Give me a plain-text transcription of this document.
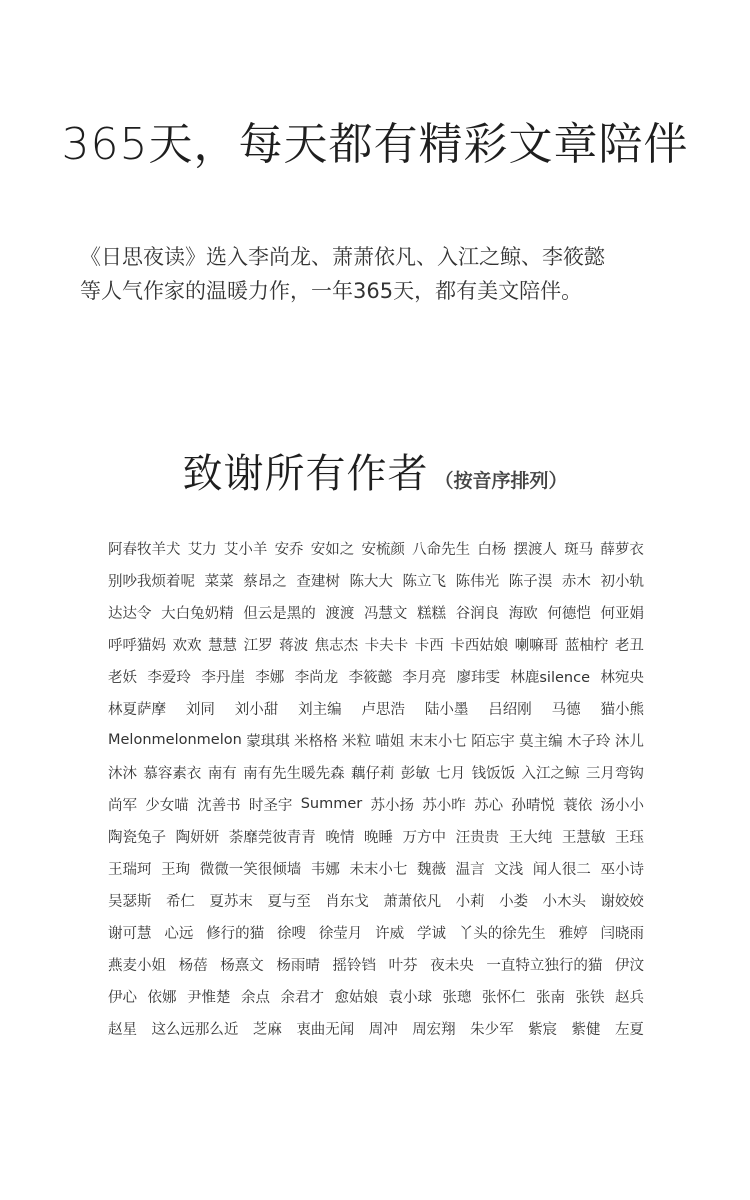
365天，每天都有精彩文章陪伴

《日思夜读》选入李尚龙、萧萧依凡、入江之鲸、李筱懿

等人气作家的温暖力作，一年365天，都有美文陪伴。

致谢所有作者 （按音序排列）
阿春牧羊犬 艾力 艾小羊 安乔 安如之 安梳颜 八命先生 白杨 摆渡人 斑马 薛萝衣
别吵我烦着呢 菜菜 蔡昂之 查建树 陈大大 陈立飞 陈伟光 陈子淏 赤木 初小轨
达达令 大白兔奶精 但云是黑的 渡渡 冯慧文 糕糕 谷润良 海欧 何德恺 何亚娟
呼呼猫妈 欢欢 慧慧 江罗 蒋波 焦志杰 卡夫卡 卡西 卡西姑娘 喇嘛哥 蓝柚柠 老丑
老妖 李爱玲 李丹崖 李娜 李尚龙 李筱懿 李月亮 廖玮雯 林鹿silence 林宛央
林夏萨摩 刘同 刘小甜 刘主编 卢思浩 陆小墨 吕绍刚 马德 猫小熊
Melonmelonmelon 蒙琪琪 米格格 米粒 喵姐 末末小七 陌忘宇 莫主编 木子玲 沐儿
沐沐 慕容素衣 南有 南有先生暖先森 藕仔莉 彭敏 七月 钱饭饭 入江之鲸 三月弯钩
尚军 少女喵 沈善书 时圣宇 Summer 苏小扬 苏小昨 苏心 孙晴悦 蓑依 汤小小
陶瓷兔子 陶妍妍 荼靡莞彼青青 晚情 晚睡 万方中 汪贵贵 王大纯 王慧敏 王珏
王瑞珂 王珣 微微一笑很倾墙 韦娜 未末小七 魏薇 温言 文浅 闻人很二 巫小诗
吴瑟斯 希仁 夏苏末 夏与至 肖东戈 萧萧依凡 小莉 小娄 小木头 谢姣姣
谢可慧 心远 修行的猫 徐嗖 徐莹月 许威 学诚 丫头的徐先生 雅婷 闫晓雨
燕麦小姐 杨蓓 杨熹文 杨雨晴 摇铃铛 叶芬 夜未央 一直特立独行的猫 伊汶
伊心 依娜 尹惟楚 余点 余君才 愈姑娘 袁小球 张璁 张怀仁 张南 张铁 赵兵
赵星 这么远那么近 芝麻 衷曲无闻 周冲 周宏翔 朱少军 紫宸 紫健 左夏
